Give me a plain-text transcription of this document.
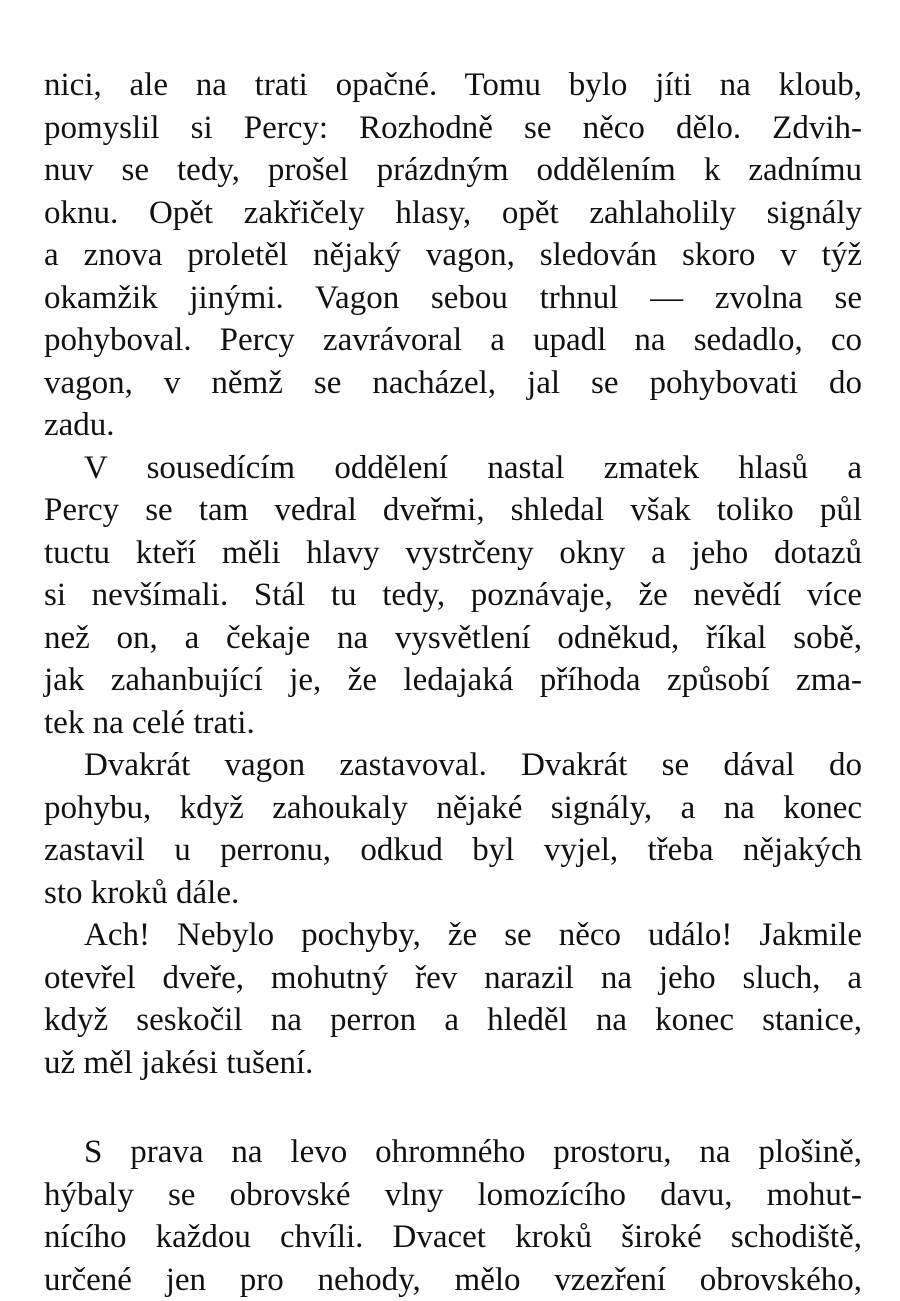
nici, ale na trati opačné. Tomu bylo jíti na kloub,
pomyslil si Percy: Rozhodně se něco dělo. Zdvih-
nuv se tedy, prošel prázdným oddělením k zadnímu
oknu. Opět zakřičely hlasy, opět zahlaholily signály
a znova proletěl nějaký vagon, sledován skoro v týž
okamžik jinými. Vagon sebou trhnul — zvolna se
pohyboval. Percy zavrávoral a upadl na sedadlo, co
vagon, v němž se nacházel, jal se pohybovati do
zadu.
V sousedícím oddělení nastal zmatek hlasů a
Percy se tam vedral dveřmi, shledal však toliko půl
tuctu kteří měli hlavy vystrčeny okny a jeho dotazů
si nevšímali. Stál tu tedy, poznávaje, že nevědí více
než on, a čekaje na vysvětlení odněkud, říkal sobě,
jak zahanbující je, že ledajaká příhoda způsobí zma-
tek na celé trati.
Dvakrát vagon zastavoval. Dvakrát se dával do
pohybu, když zahoukaly nějaké signály, a na konec
zastavil u perronu, odkud byl vyjel, třeba nějakých
sto kroků dále.
Ach! Nebylo pochyby, že se něco událo! Jakmile
otevřel dveře, mohutný řev narazil na jeho sluch, a
když seskočil na perron a hleděl na konec stanice,
už měl jakési tušení.
S prava na levo ohromného prostoru, na plošině,
hýbaly se obrovské vlny lomozícího davu, mohut-
nícího každou chvíli. Dvacet kroků široké schodiště,
určené jen pro nehody, mělo vzezření obrovského,
